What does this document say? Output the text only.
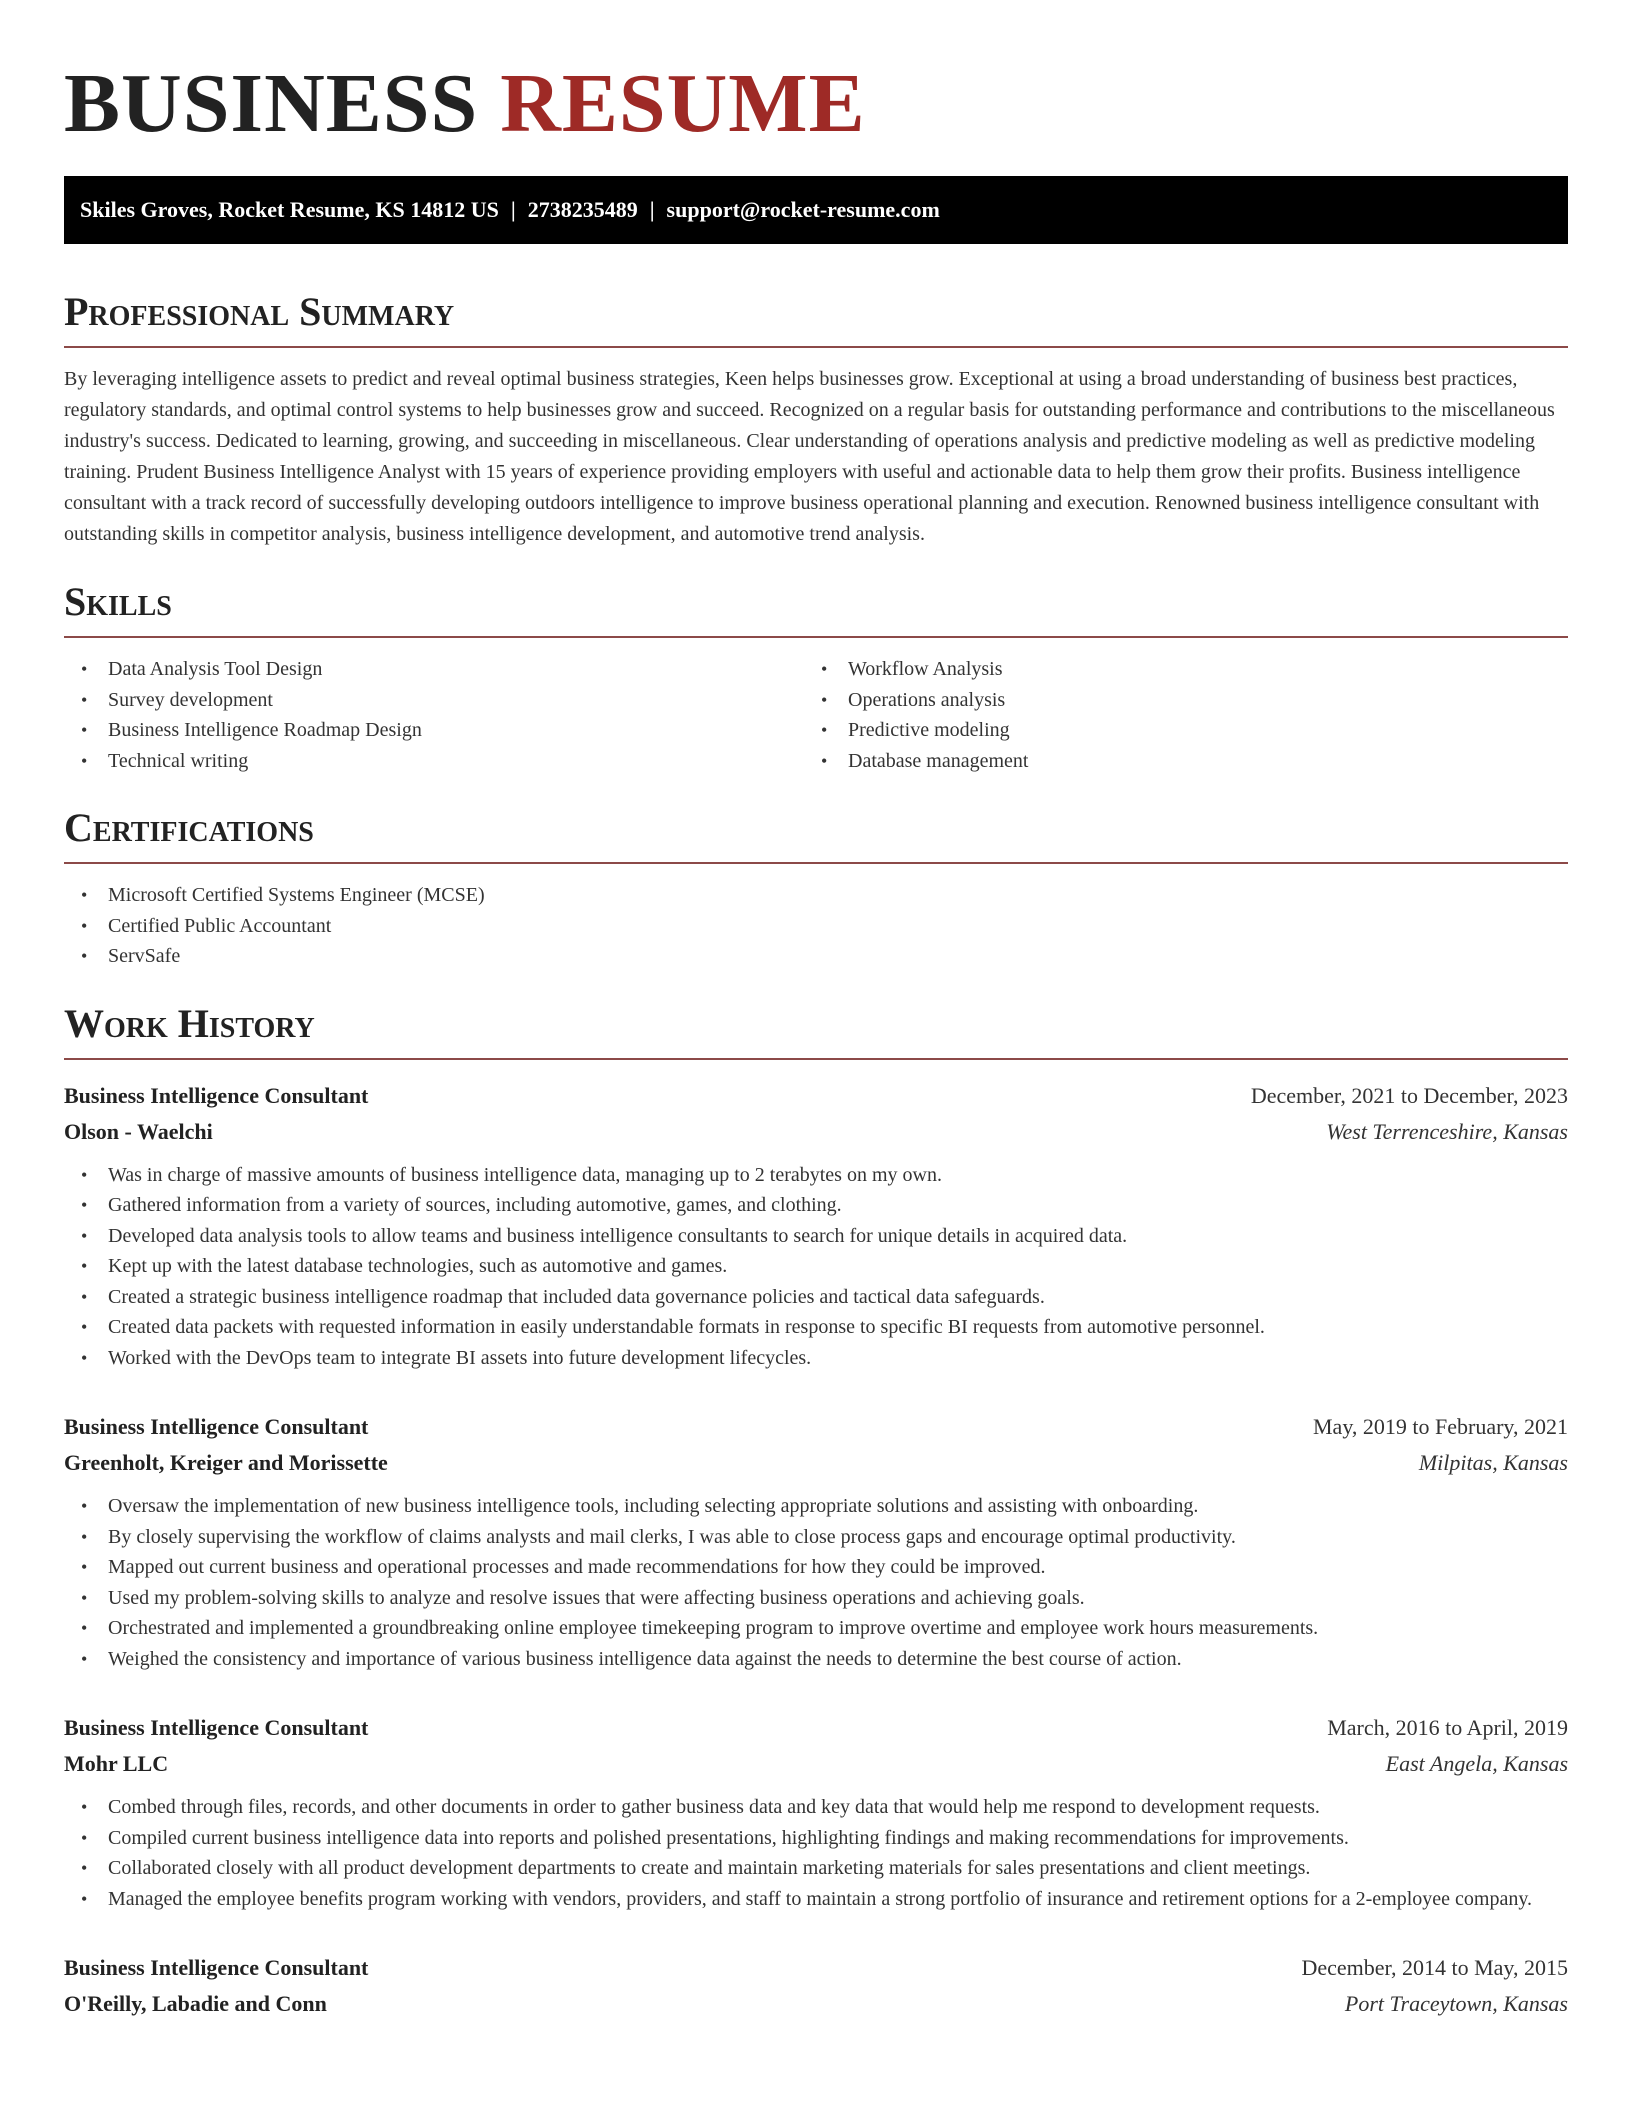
BUSINESS RESUME
Skiles Groves, Rocket Resume, KS 14812 US | 2738235489 | support@rocket-resume.com
Professional Summary

By leveraging intelligence assets to predict and reveal optimal business strategies, Keen helps businesses grow. Exceptional at using a broad understanding of business best practices, regulatory standards, and optimal control systems to help businesses grow and succeed. Recognized on a regular basis for outstanding performance and contributions to the miscellaneous industry's success. Dedicated to learning, growing, and succeeding in miscellaneous. Clear understanding of operations analysis and predictive modeling as well as predictive modeling training. Prudent Business Intelligence Analyst with 15 years of experience providing employers with useful and actionable data to help them grow their profits. Business intelligence consultant with a track record of successfully developing outdoors intelligence to improve business operational planning and execution. Renowned business intelligence consultant with outstanding skills in competitor analysis, business intelligence development, and automotive trend analysis.

Skills
• Data Analysis Tool Design
• Survey development
• Business Intelligence Roadmap Design
• Technical writing
• Workflow Analysis
• Operations analysis
• Predictive modeling
• Database management
Certifications
• Microsoft Certified Systems Engineer (MCSE)
• Certified Public Accountant
• ServSafe
Work History
Business Intelligence Consultant	December, 2021 to December, 2023
Olson - Waelchi	West Terrenceshire, Kansas
• Was in charge of massive amounts of business intelligence data, managing up to 2 terabytes on my own.
• Gathered information from a variety of sources, including automotive, games, and clothing.
• Developed data analysis tools to allow teams and business intelligence consultants to search for unique details in acquired data.
• Kept up with the latest database technologies, such as automotive and games.
• Created a strategic business intelligence roadmap that included data governance policies and tactical data safeguards.
• Created data packets with requested information in easily understandable formats in response to specific BI requests from automotive personnel.
• Worked with the DevOps team to integrate BI assets into future development lifecycles.
Business Intelligence Consultant	May, 2019 to February, 2021
Greenholt, Kreiger and Morissette	Milpitas, Kansas
• Oversaw the implementation of new business intelligence tools, including selecting appropriate solutions and assisting with onboarding.
• By closely supervising the workflow of claims analysts and mail clerks, I was able to close process gaps and encourage optimal productivity.
• Mapped out current business and operational processes and made recommendations for how they could be improved.
• Used my problem-solving skills to analyze and resolve issues that were affecting business operations and achieving goals.
• Orchestrated and implemented a groundbreaking online employee timekeeping program to improve overtime and employee work hours measurements.
• Weighed the consistency and importance of various business intelligence data against the needs to determine the best course of action.
Business Intelligence Consultant	March, 2016 to April, 2019
Mohr LLC	East Angela, Kansas
• Combed through files, records, and other documents in order to gather business data and key data that would help me respond to development requests.
• Compiled current business intelligence data into reports and polished presentations, highlighting findings and making recommendations for improvements.
• Collaborated closely with all product development departments to create and maintain marketing materials for sales presentations and client meetings.
• Managed the employee benefits program working with vendors, providers, and staff to maintain a strong portfolio of insurance and retirement options for a 2-employee company.
Business Intelligence Consultant	December, 2014 to May, 2015
O'Reilly, Labadie and Conn	Port Traceytown, Kansas
